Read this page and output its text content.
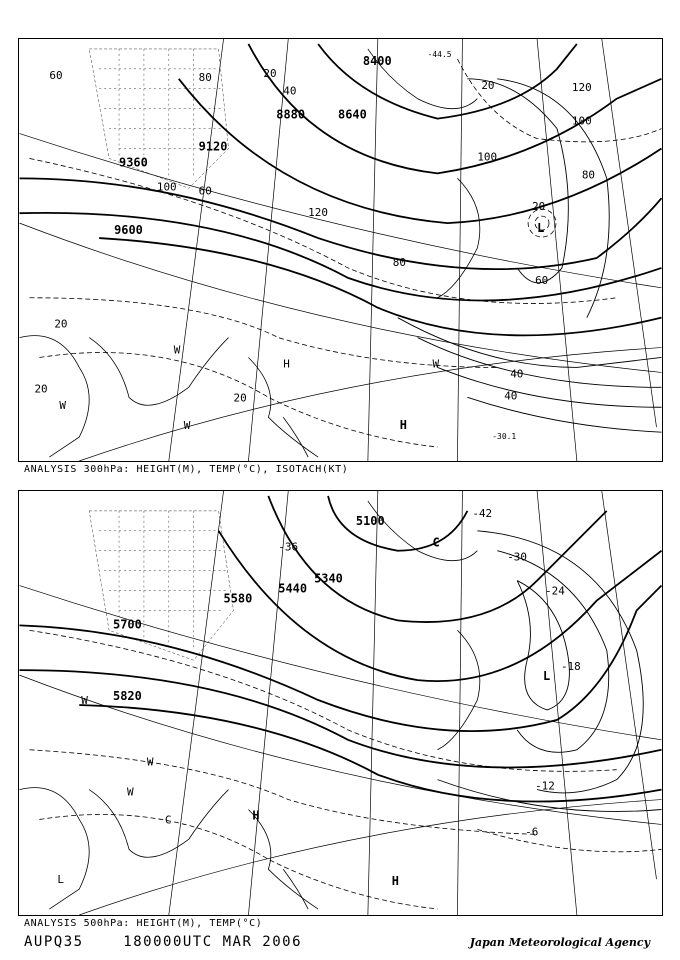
60	80	20
40
8400
20	120
100
8880	8640
9120
9360
100 60
9600
120
80
100
80
20
20
20
60
40
40
20
H
L
W
W
W
W
H
-44.5
-30.1
ANALYSIS 300hPa: HEIGHT(M), TEMP(°C), ISOTACH(KT)
5100
-42
C
-36
-30
5340
5440
5580
5700
5820
-24
-18
L
-12
-6
W
W
W
C	H
L	H
ANALYSIS 500hPa: HEIGHT(M), TEMP(°C)
AUPQ35	180000UTC MAR 2006	Japan Meteorological Agency
